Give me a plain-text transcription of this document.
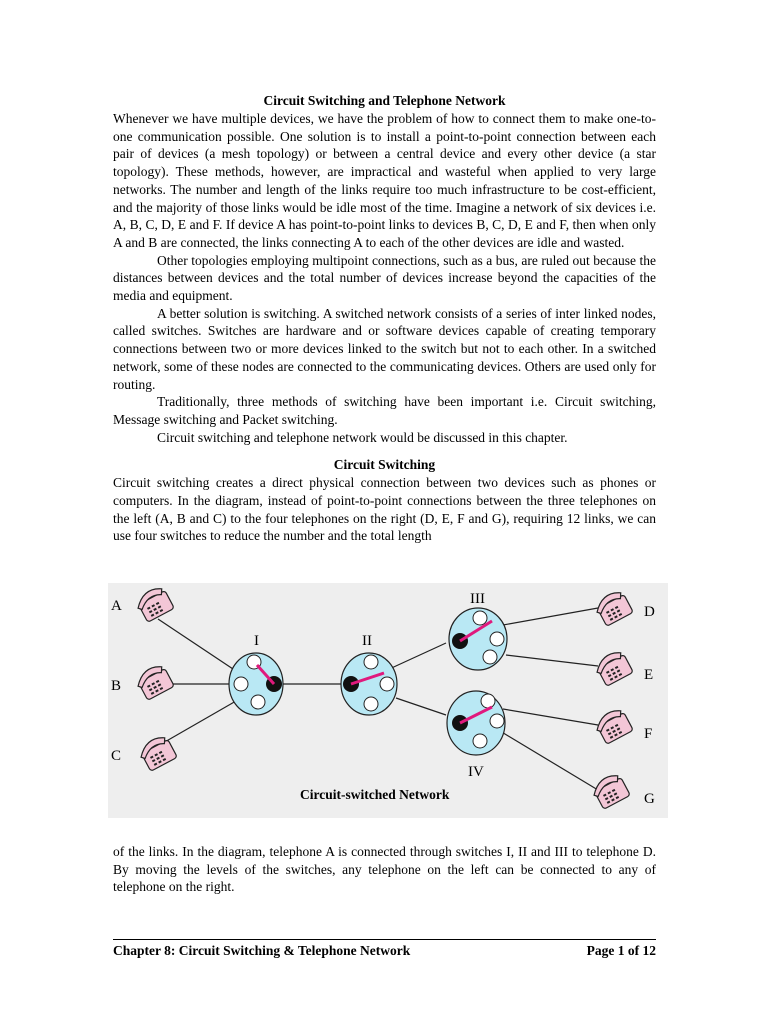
Circuit Switching and Telephone Network

Whenever we have multiple devices, we have the problem of how to connect them to make one-to-one communication possible. One solution is to install a point-to-point connection between each pair of devices (a mesh topology) or between a central device and every other device (a star topology). These methods, however, are impractical and wasteful when applied to very large networks. The number and length of the links require too much infrastructure to be cost-efficient, and the majority of those links would be idle most of the time. Imagine a network of six devices i.e. A, B, C, D, E and F. If device A has point-to-point links to devices B, C, D, E and F, then when only A and B are connected, the links connecting A to each of the other devices are idle and wasted.

Other topologies employing multipoint connections, such as a bus, are ruled out because the distances between devices and the total number of devices increase beyond the capacities of the media and equipment.

A better solution is switching. A switched network consists of a series of inter linked nodes, called switches. Switches are hardware and or software devices capable of creating temporary connections between two or more devices linked to the switch but not to each other. In a switched network, some of these nodes are connected to the communicating devices. Others are used only for routing.

Traditionally, three methods of switching have been important i.e. Circuit switching, Message switching and Packet switching.

Circuit switching and telephone network would be discussed in this chapter.

Circuit Switching

Circuit switching creates a direct physical connection between two devices such as phones or computers. In the diagram, instead of point-to-point connections between the three telephones on the left (A, B and C) to the four telephones on the right (D, E, F and G), requiring 12 links, we can use four switches to reduce the number and the total length

A
B
C
D
E
F
G
I	II
III
IV
Circuit-switched Network

of the links. In the diagram, telephone A is connected through switches I, II and III to telephone D. By moving the levels of the switches, any telephone on the left can be connected to any of telephone on the right.

Chapter 8: Circuit Switching & Telephone Network	Page 1 of 12
